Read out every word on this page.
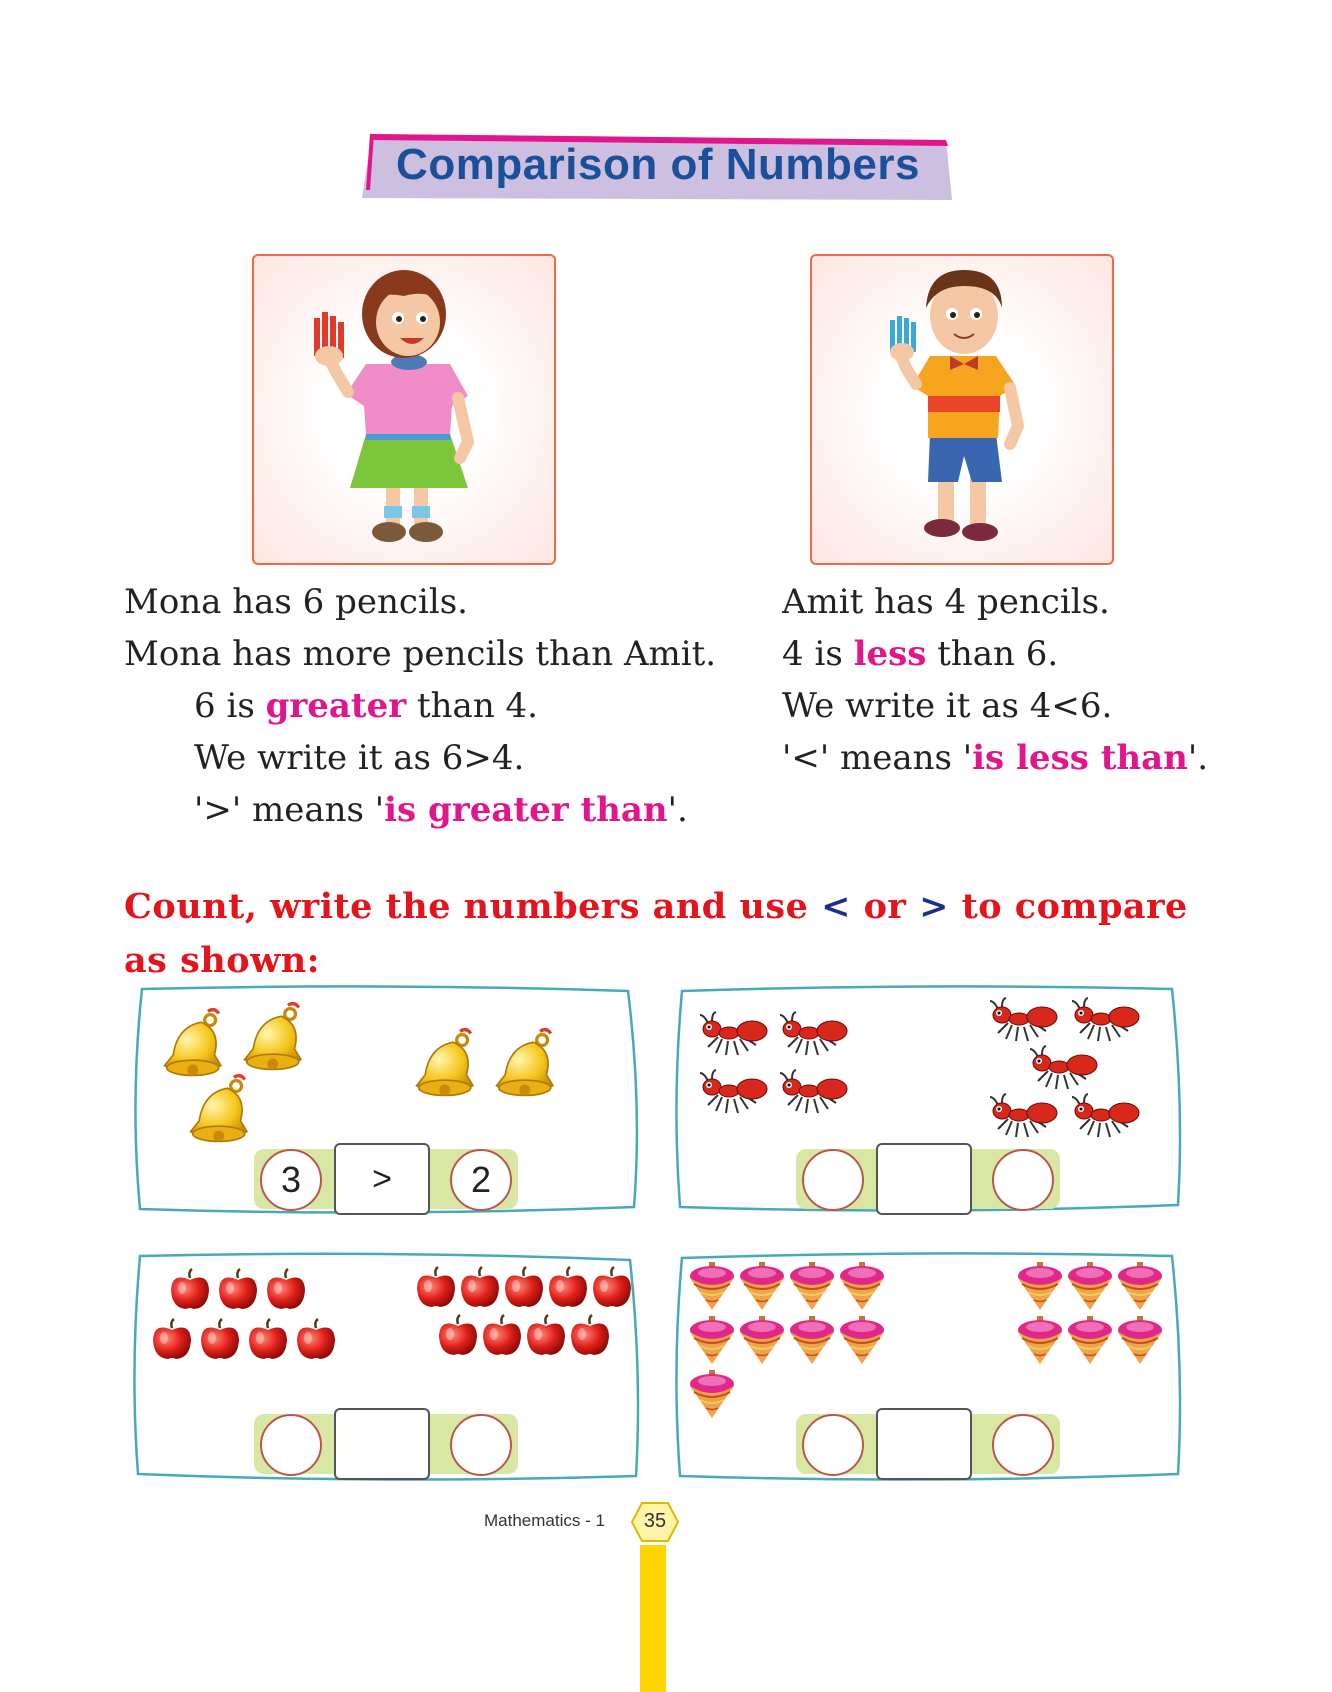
Comparison of Numbers
Mona has 6 pencils.
Mona has more pencils than Amit.
6 is greater than 4.
We write it as 6>4.
'>' means 'is greater than'.
Amit has 4 pencils.
4 is less than 6.
We write it as 4<6.
'<' means 'is less than'.
Count, write the numbers and use < or > to compare as shown:
3	>	2
Mathematics - 1	35
